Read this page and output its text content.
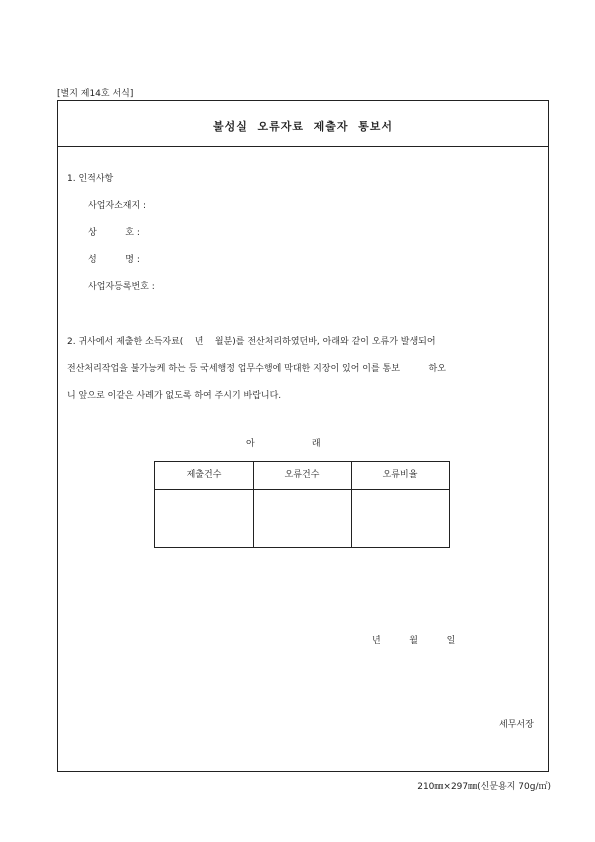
[별지 제14호 서식]
불성실  오류자료  제출자  통보서
1. 인적사항
사업자소재지 :
상          호 :
성          명 :
사업자등록번호 :
2. 귀사에서 제출한 소득자료(    년    월분)를 전산처리하였던바, 아래와 같이 오류가 발생되어
전산처리작업을 불가능케 하는 등 국세행정 업무수행에 막대한 지장이 있어 이를 통보          하오
니 앞으로 이같은 사례가 없도록 하여 주시기 바랍니다.
아                    래
제출건수	오류건수	오류비율
년          월          일
세무서장
210㎜×297㎜(신문용지 70g/㎡)
